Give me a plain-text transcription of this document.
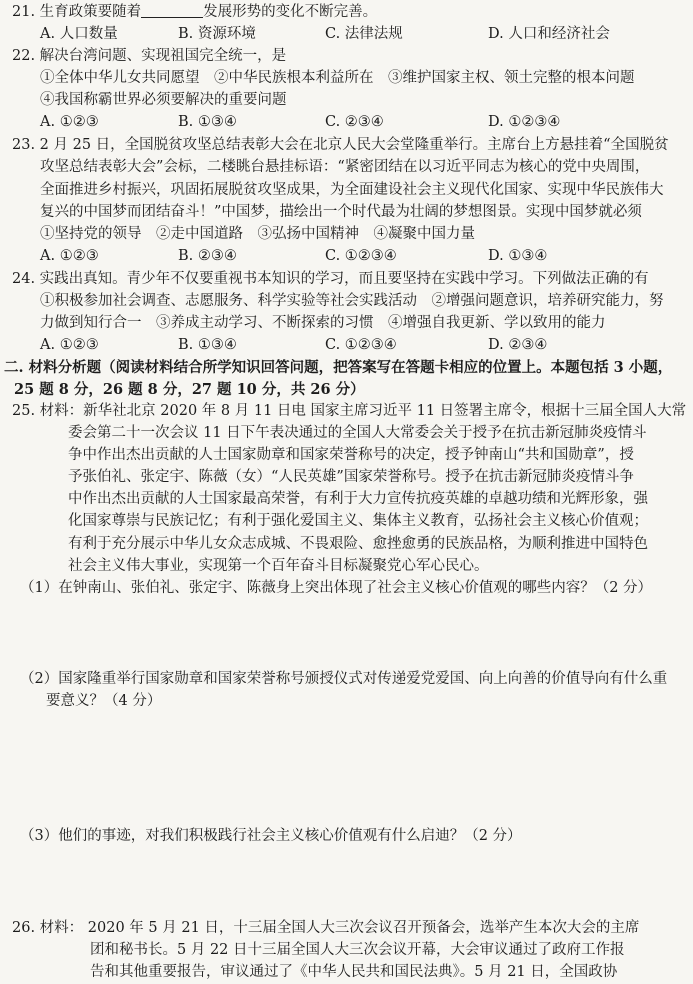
21. 生育政策要随着	发展形势的变化不断完善。
A. 人口数量	B. 资源环境	C. 法律法规	D. 人口和经济社会
22. 解决台湾问题、实现祖国完全统一，是
①全体中华儿女共同愿望　②中华民族根本利益所在　③维护国家主权、领土完整的根本问题
④我国称霸世界必须要解决的重要问题
A. ①②③	B. ①③④	C. ②③④	D. ①②③④
23. 2 月 25 日，全国脱贫攻坚总结表彰大会在北京人民大会堂隆重举行。主席台上方悬挂着“全国脱贫
攻坚总结表彰大会”会标，二楼眺台悬挂标语：“紧密团结在以习近平同志为核心的党中央周围，
全面推进乡村振兴，巩固拓展脱贫攻坚成果，为全面建设社会主义现代化国家、实现中华民族伟大
复兴的中国梦而团结奋斗！”中国梦，描绘出一个时代最为壮阔的梦想图景。实现中国梦就必须
①坚持党的领导　②走中国道路　③弘扬中国精神　④凝聚中国力量
A. ①②③	B. ②③④	C. ①②③④	D. ①③④
24. 实践出真知。青少年不仅要重视书本知识的学习，而且要坚持在实践中学习。下列做法正确的有
①积极参加社会调查、志愿服务、科学实验等社会实践活动　②增强问题意识，培养研究能力，努
力做到知行合一　③养成主动学习、不断探索的习惯　④增强自我更新、学以致用的能力
A. ①②③	B. ①③④	C. ①②③④	D. ②③④
二. 材料分析题（阅读材料结合所学知识回答问题，把答案写在答题卡相应的位置上。本题包括 3 小题，
25 题 8 分，26 题 8 分，27 题 10 分，共 26 分）
25. 材料：新华社北京 2020 年 8 月 11 日电 国家主席习近平 11 日签署主席令，根据十三届全国人大常
委会第二十一次会议 11 日下午表决通过的全国人大常委会关于授予在抗击新冠肺炎疫情斗
争中作出杰出贡献的人士国家勋章和国家荣誉称号的决定，授予钟南山“共和国勋章”，授
予张伯礼、张定宇、陈薇（女）“人民英雄”国家荣誉称号。授予在抗击新冠肺炎疫情斗争
中作出杰出贡献的人士国家最高荣誉，有利于大力宣传抗疫英雄的卓越功绩和光辉形象，强
化国家尊崇与民族记忆；有利于强化爱国主义、集体主义教育，弘扬社会主义核心价值观；
有利于充分展示中华儿女众志成城、不畏艰险、愈挫愈勇的民族品格，为顺利推进中国特色
社会主义伟大事业，实现第一个百年奋斗目标凝聚党心军心民心。
（1）在钟南山、张伯礼、张定宇、陈薇身上突出体现了社会主义核心价值观的哪些内容？（2 分）
（2）国家隆重举行国家勋章和国家荣誉称号颁授仪式对传递爱党爱国、向上向善的价值导向有什么重
要意义？（4 分）
（3）他们的事迹，对我们积极践行社会主义核心价值观有什么启迪？（2 分）
26. 材料： 2020 年 5 月 21 日，十三届全国人大三次会议召开预备会，选举产生本次大会的主席
团和秘书长。5 月 22 日十三届全国人大三次会议开幕，大会审议通过了政府工作报
告和其他重要报告，审议通过了《中华人民共和国民法典》。5 月 21 日，全国政协
